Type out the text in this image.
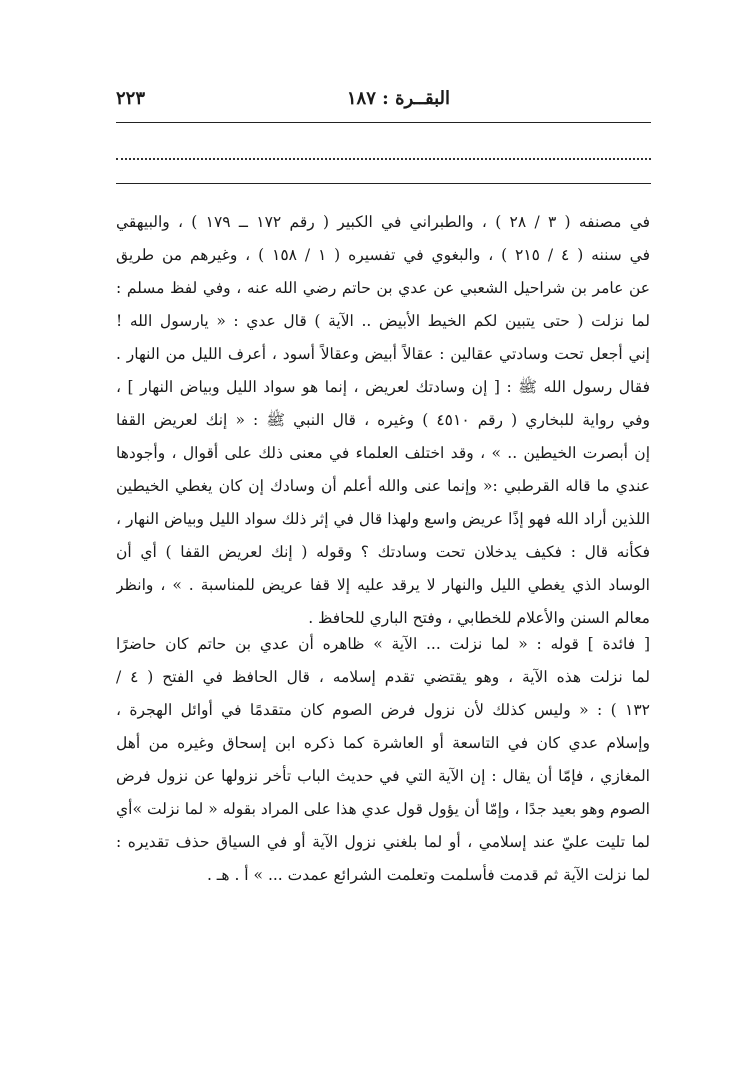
البقــرة : ١٨٧
٢٢٣
في مصنفه ( ٣ / ٢٨ ) ، والطبراني في الكبير ( رقم ١٧٢ ــ ١٧٩ ) ، والبيهقي
في سننه ( ٤ / ٢١٥ ) ، والبغوي في تفسيره ( ١ / ١٥٨ ) ، وغيرهم من طريق
عن عامر بن شراحيل الشعبي عن عدي بن حاتم رضي الله عنه ، وفي لفظ مسلم :
لما نزلت ( حتى يتبين لكم الخيط الأبيض .. الآية ) قال عدي : « يارسول الله !
إني أجعل تحت وسادتي عقالين : عقالاً أبيض وعقالاً أسود ، أعرف الليل من النهار .
فقال رسول الله ﷺ : [ إن وسادتك لعريض ، إنما هو سواد الليل وبياض النهار ] ،
وفي رواية للبخاري ( رقم ٤٥١٠ ) وغيره ، قال النبي ﷺ : « إنك لعريض القفا
إن أبصرت الخيطين .. » ، وقد اختلف العلماء في معنى ذلك على أقوال ، وأجودها
عندي ما قاله القرطبي :« وإنما عنى والله أعلم أن وسادك إن كان يغطي الخيطين
اللذين أراد الله فهو إذًا عريض واسع ولهذا قال في إثر ذلك سواد الليل وبياض النهار ،
فكأنه قال : فكيف يدخلان تحت وسادتك ؟ وقوله ( إنك لعريض القفا ) أي أن
الوساد الذي يغطي الليل والنهار لا يرقد عليه إلا قفا عريض للمناسبة . » ، وانظر
معالم السنن والأعلام للخطابي ، وفتح الباري للحافظ .
[ فائدة ] قوله : « لما نزلت ... الآية » ظاهره أن عدي بن حاتم كان حاضرًا
لما نزلت هذه الآية ، وهو يقتضي تقدم إسلامه ، قال الحافظ في الفتح ( ٤ /
١٣٢ ) : « وليس كذلك لأن نزول فرض الصوم كان متقدمًا في أوائل الهجرة ،
وإسلام عدي كان في التاسعة أو العاشرة كما ذكره ابن إسحاق وغيره من أهل
المغازي ، فإمّا أن يقال : إن الآية التي في حديث الباب تأخر نزولها عن نزول فرض
الصوم وهو بعيد جدًا ، وإمّا أن يؤول قول عدي هذا على المراد بقوله « لما نزلت »أي
لما تليت عليّ عند إسلامي ، أو لما بلغني نزول الآية أو في السياق حذف تقديره :
لما نزلت الآية ثم قدمت فأسلمت وتعلمت الشرائع عمدت ... » أ . هـ .
